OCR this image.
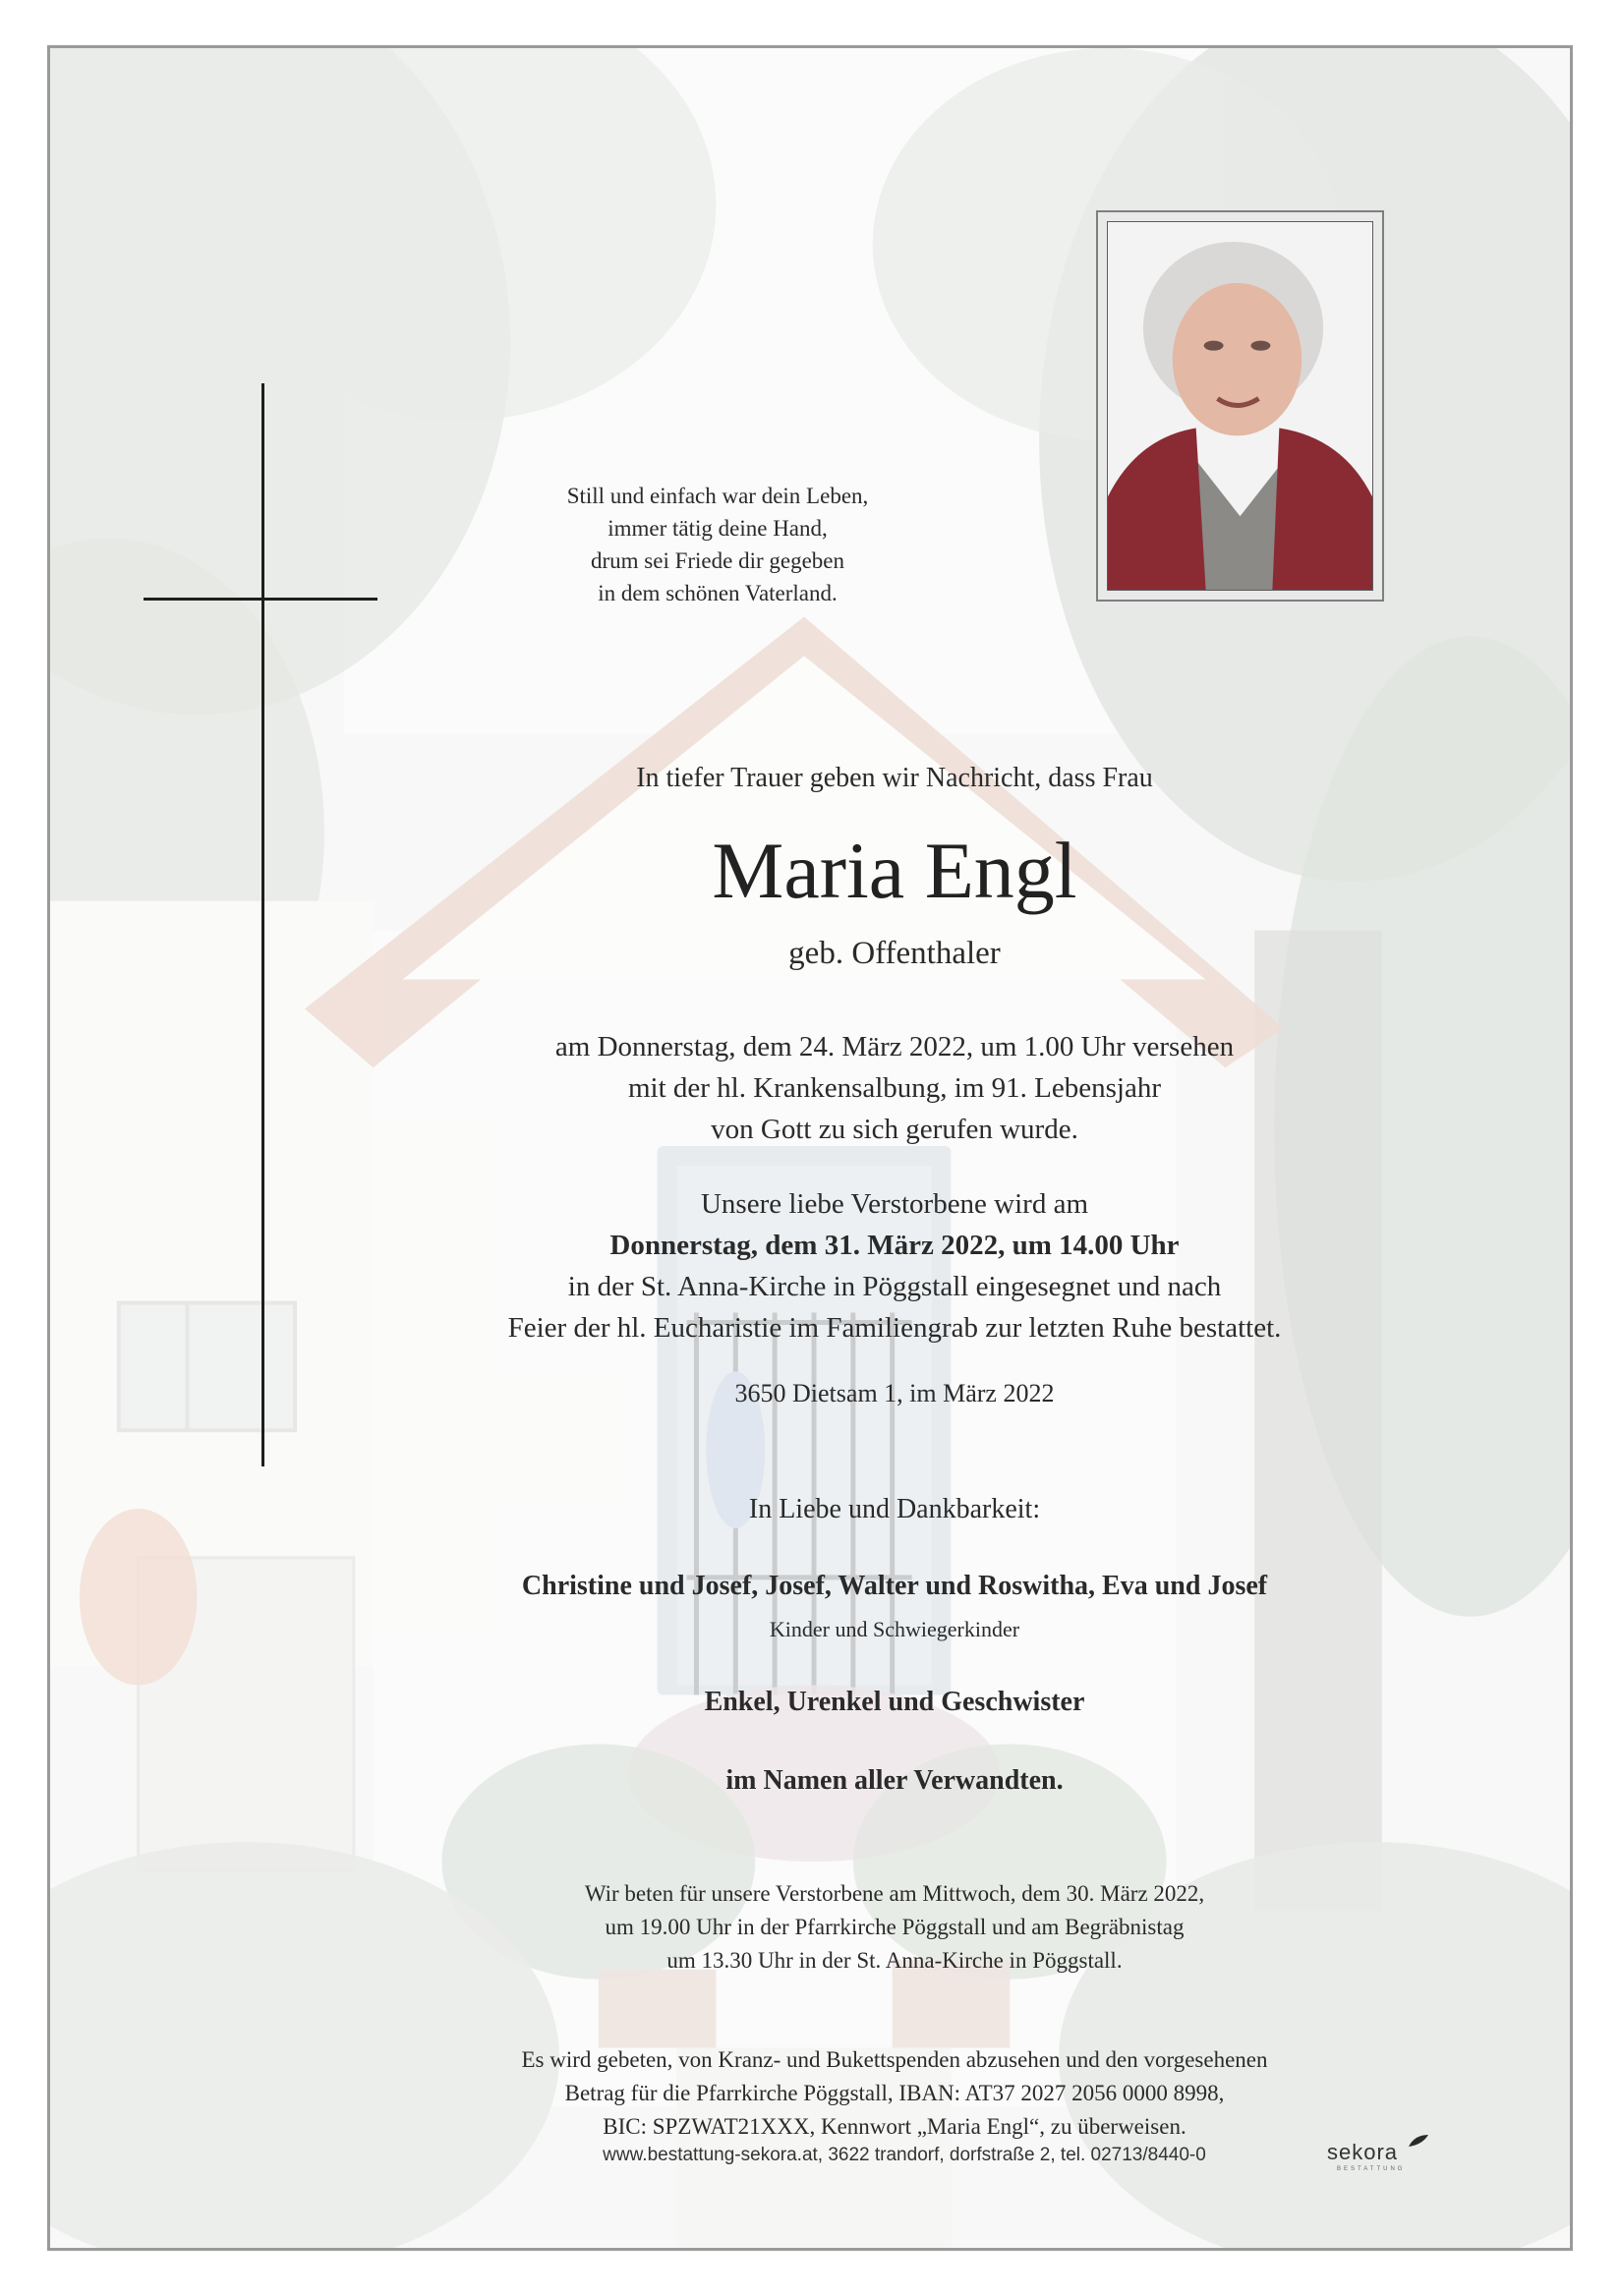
Still und einfach war dein Leben,
immer tätig deine Hand,
drum sei Friede dir gegeben
in dem schönen Vaterland.
In tiefer Trauer geben wir Nachricht, dass Frau
Maria Engl
geb. Offenthaler
am Donnerstag, dem 24. März 2022, um 1.00 Uhr versehen
mit der hl. Krankensalbung, im 91. Lebensjahr
von Gott zu sich gerufen wurde.
Unsere liebe Verstorbene wird am
Donnerstag, dem 31. März 2022, um 14.00 Uhr
in der St. Anna-Kirche in Pöggstall eingesegnet und nach
Feier der hl. Eucharistie im Familiengrab zur letzten Ruhe bestattet.
3650 Dietsam 1, im März 2022
In Liebe und Dankbarkeit:
Christine und Josef, Josef, Walter und Roswitha, Eva und Josef
Kinder und Schwiegerkinder
Enkel, Urenkel und Geschwister
im Namen aller Verwandten.
Wir beten für unsere Verstorbene am Mittwoch, dem 30. März 2022,
um 19.00 Uhr in der Pfarrkirche Pöggstall und am Begräbnistag
um 13.30 Uhr in der St. Anna-Kirche in Pöggstall.
Es wird gebeten, von Kranz- und Bukettspenden abzusehen und den vorgesehenen
Betrag für die Pfarrkirche Pöggstall, IBAN: AT37 2027 2056 0000 8998,
BIC: SPZWAT21XXX, Kennwort „Maria Engl“, zu überweisen.
www.bestattung-sekora.at, 3622 trandorf, dorfstraße 2, tel. 02713/8440-0	sekora
BESTATTUNG
